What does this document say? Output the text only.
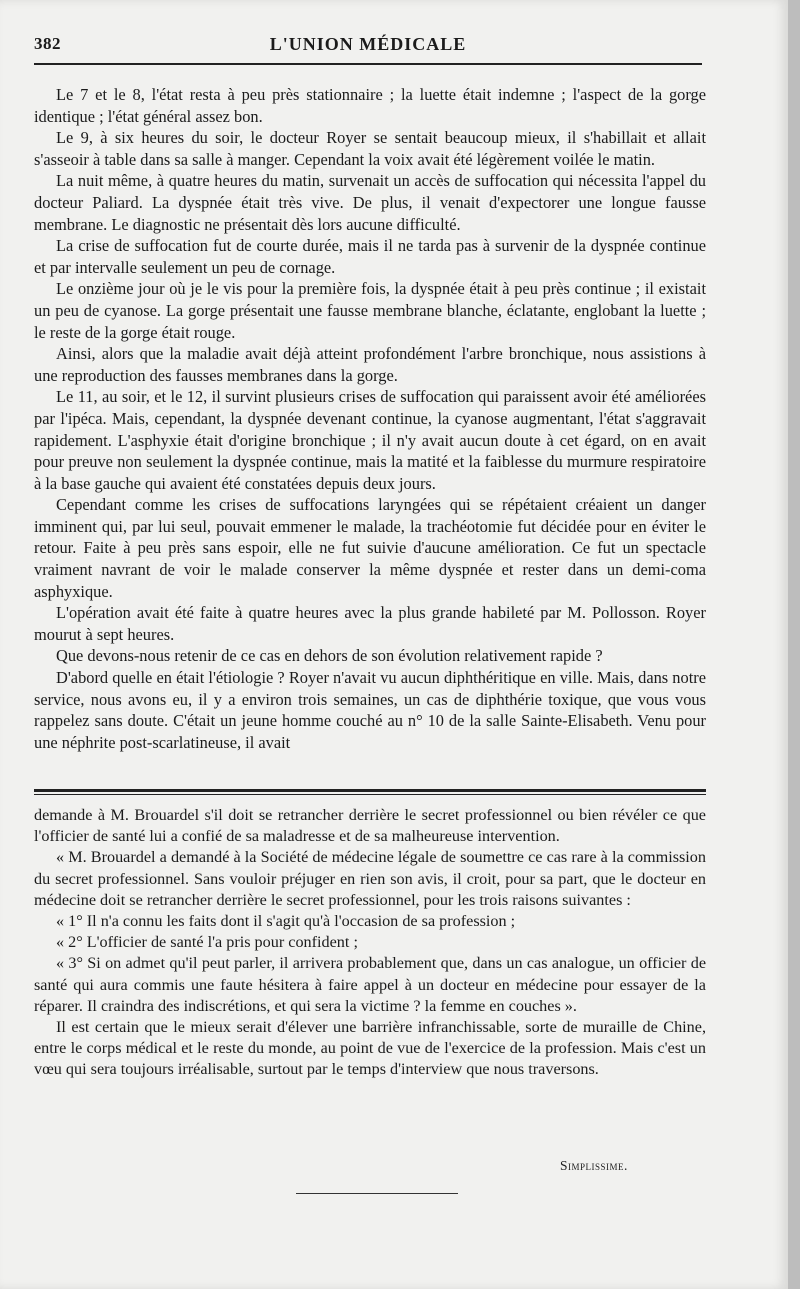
382	L'UNION MÉDICALE

Le 7 et le 8, l'état resta à peu près stationnaire ; la luette était indemne ; l'aspect de la gorge identique ; l'état général assez bon.

Le 9, à six heures du soir, le docteur Royer se sentait beaucoup mieux, il s'habillait et allait s'asseoir à table dans sa salle à manger. Cependant la voix avait été légèrement voilée le matin.

La nuit même, à quatre heures du matin, survenait un accès de suffocation qui nécessita l'appel du docteur Paliard. La dyspnée était très vive. De plus, il venait d'expectorer une longue fausse membrane. Le diagnostic ne présentait dès lors aucune difficulté.

La crise de suffocation fut de courte durée, mais il ne tarda pas à survenir de la dyspnée continue et par intervalle seulement un peu de cornage.

Le onzième jour où je le vis pour la première fois, la dyspnée était à peu près continue ; il existait un peu de cyanose. La gorge présentait une fausse membrane blanche, éclatante, englobant la luette ; le reste de la gorge était rouge.

Ainsi, alors que la maladie avait déjà atteint profondément l'arbre bronchique, nous assistions à une reproduction des fausses membranes dans la gorge.

Le 11, au soir, et le 12, il survint plusieurs crises de suffocation qui paraissent avoir été améliorées par l'ipéca. Mais, cependant, la dyspnée devenant continue, la cyanose augmentant, l'état s'aggravait rapidement. L'asphyxie était d'origine bronchique ; il n'y avait aucun doute à cet égard, on en avait pour preuve non seulement la dyspnée continue, mais la matité et la faiblesse du murmure respiratoire à la base gauche qui avaient été constatées depuis deux jours.

Cependant comme les crises de suffocations laryngées qui se répétaient créaient un danger imminent qui, par lui seul, pouvait emmener le malade, la trachéotomie fut décidée pour en éviter le retour. Faite à peu près sans espoir, elle ne fut suivie d'aucune amélioration. Ce fut un spectacle vraiment navrant de voir le malade conserver la même dyspnée et rester dans un demi-coma asphyxique.

L'opération avait été faite à quatre heures avec la plus grande habileté par M. Pollosson. Royer mourut à sept heures.

Que devons-nous retenir de ce cas en dehors de son évolution relativement rapide ?

D'abord quelle en était l'étiologie ? Royer n'avait vu aucun diphthéritique en ville. Mais, dans notre service, nous avons eu, il y a environ trois semaines, un cas de diphthérie toxique, que vous vous rappelez sans doute. C'était un jeune homme couché au n° 10 de la salle Sainte-Elisabeth. Venu pour une néphrite post-scarlatineuse, il avait

demande à M. Brouardel s'il doit se retrancher derrière le secret professionnel ou bien révéler ce que l'officier de santé lui a confié de sa maladresse et de sa malheureuse intervention.

« M. Brouardel a demandé à la Société de médecine légale de soumettre ce cas rare à la commission du secret professionnel. Sans vouloir préjuger en rien son avis, il croit, pour sa part, que le docteur en médecine doit se retrancher derrière le secret professionnel, pour les trois raisons suivantes :

« 1° Il n'a connu les faits dont il s'agit qu'à l'occasion de sa profession ;

« 2° L'officier de santé l'a pris pour confident ;

« 3° Si on admet qu'il peut parler, il arrivera probablement que, dans un cas analogue, un officier de santé qui aura commis une faute hésitera à faire appel à un docteur en médecine pour essayer de la réparer. Il craindra des indiscrétions, et qui sera la victime ? la femme en couches ».

Il est certain que le mieux serait d'élever une barrière infranchissable, sorte de muraille de Chine, entre le corps médical et le reste du monde, au point de vue de l'exercice de la profession. Mais c'est un vœu qui sera toujours irréalisable, surtout par le temps d'interview que nous traversons.

Simplissime.
